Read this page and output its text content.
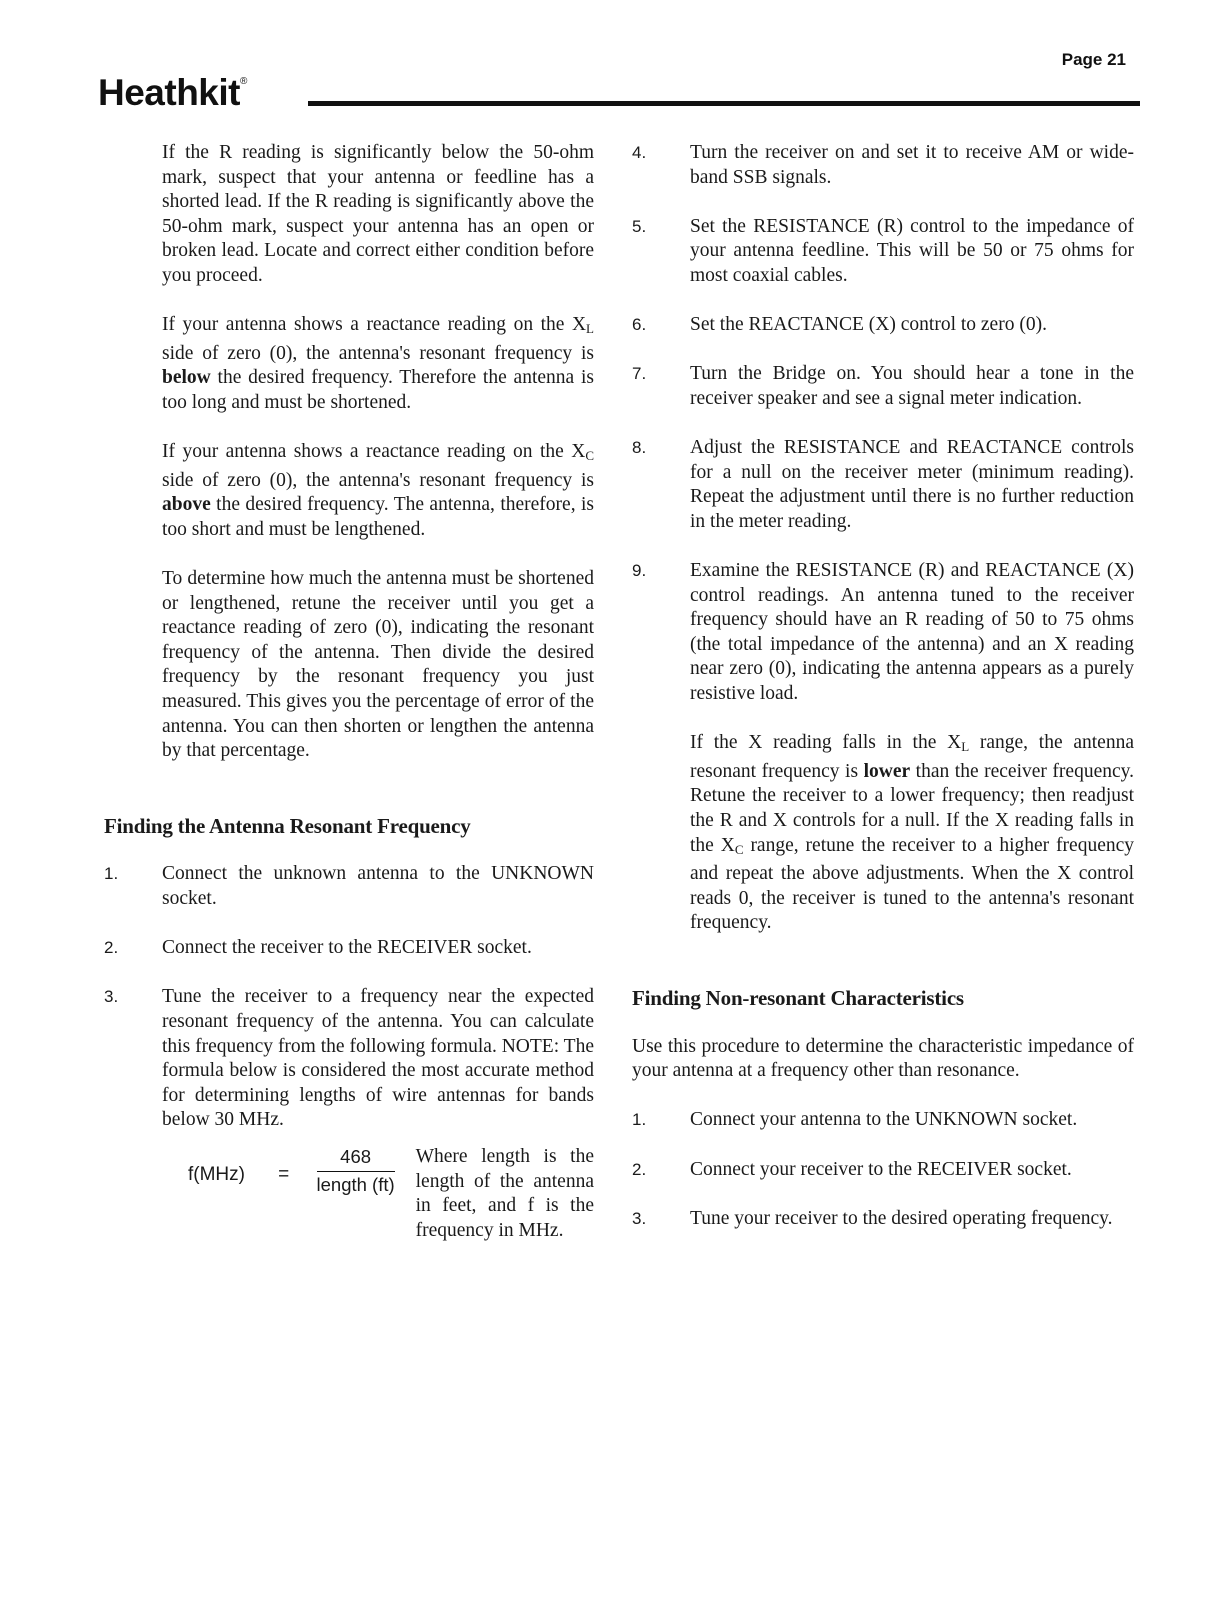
Page 21
Heathkit®

If the R reading is significantly below the 50-ohm mark, suspect that your antenna or feedline has a shorted lead. If the R reading is significantly above the 50-ohm mark, suspect your antenna has an open or broken lead. Locate and correct either condition before you proceed.

If your antenna shows a reactance reading on the $X_L$ side of zero (0), the antenna's resonant frequency is below the desired frequency. Therefore the antenna is too long and must be shortened.

If your antenna shows a reactance reading on the $X_C$ side of zero (0), the antenna's resonant frequency is above the desired frequency. The antenna, therefore, is too short and must be lengthened.

To determine how much the antenna must be shortened or lengthened, retune the receiver until you get a reactance reading of zero (0), indicating the resonant frequency of the antenna. Then divide the desired frequency by the resonant frequency you just measured. This gives you the percentage of error of the antenna. You can then shorten or lengthen the antenna by that percentage.

Finding the Antenna Resonant Frequency
1.	Connect the unknown antenna to the UNKNOWN socket.
2.	Connect the receiver to the RECEIVER socket.
3.	Tune the receiver to a frequency near the expected resonant frequency of the antenna. You can calculate this frequency from the following formula. NOTE: The formula below is considered the most accurate method for determining lengths of wire antennas for bands below 30 MHz.
f(MHz)	= $\frac{468}{\text{length (ft)}}$ Where length is the length of the antenna in feet, and f is the frequency in MHz.
4.	Turn the receiver on and set it to receive AM or wide-band SSB signals.
5.	Set the RESISTANCE (R) control to the impedance of your antenna feedline. This will be 50 or 75 ohms for most coaxial cables.
6.	Set the REACTANCE (X) control to zero (0).
7.	Turn the Bridge on. You should hear a tone in the receiver speaker and see a signal meter indication.
8.	Adjust the RESISTANCE and REACTANCE controls for a null on the receiver meter (minimum reading). Repeat the adjustment until there is no further reduction in the meter reading.
9.	Examine the RESISTANCE (R) and REACTANCE (X) control readings. An antenna tuned to the receiver frequency should have an R reading of 50 to 75 ohms (the total impedance of the antenna) and an X reading near zero (0), indicating the antenna appears as a purely resistive load.

If the X reading falls in the $X_L$ range, the antenna resonant frequency is lower than the receiver frequency. Retune the receiver to a lower frequency; then readjust the R and X controls for a null. If the X reading falls in the $X_C$ range, retune the receiver to a higher frequency and repeat the above adjustments. When the X control reads 0, the receiver is tuned to the antenna's resonant frequency.

Finding Non-resonant Characteristics

Use this procedure to determine the characteristic impedance of your antenna at a frequency other than resonance.

1.	Connect your antenna to the UNKNOWN socket.
2.	Connect your receiver to the RECEIVER socket.
3.	Tune your receiver to the desired operating frequency.
